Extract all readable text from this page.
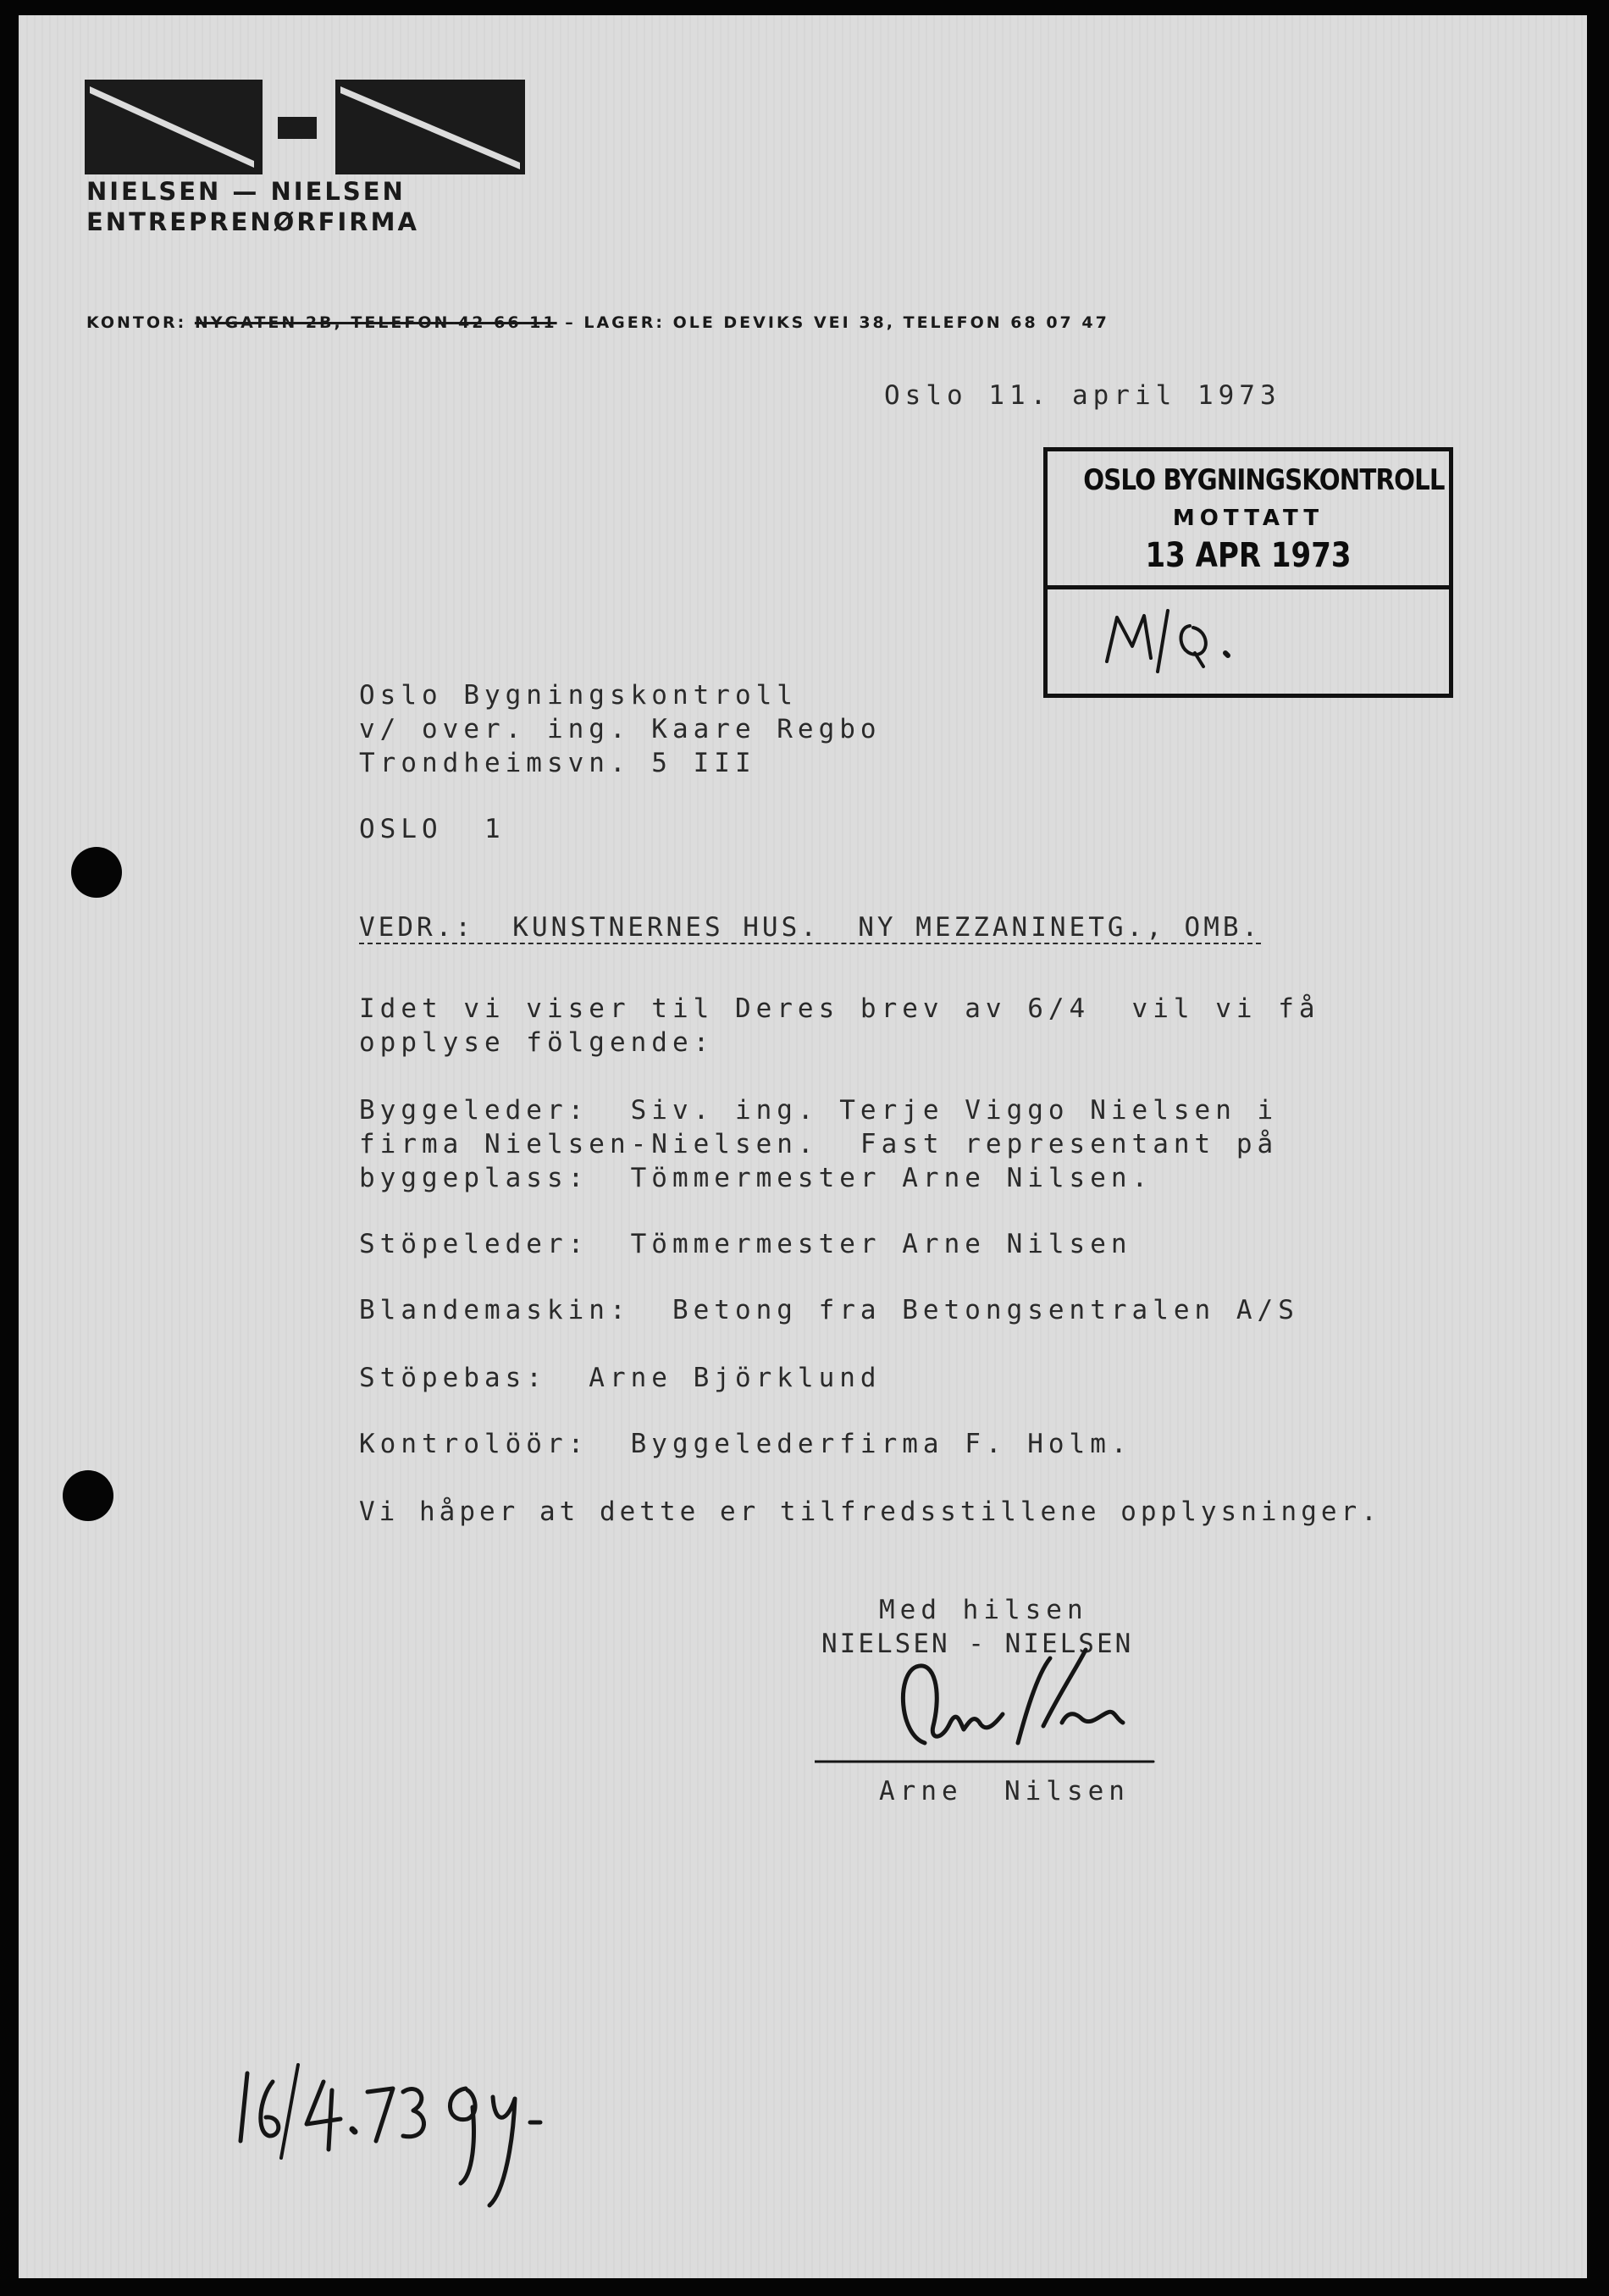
NIELSEN — NIELSEN
ENTREPRENØRFIRMA
KONTOR: NYGATEN 2B, TELEFON 42 66 11 – LAGER: OLE DEVIKS VEI 38, TELEFON 68 07 47
Oslo 11. april 1973
OSLO BYGNINGSKONTROLL
MOTTATT
13 APR 1973
Oslo Bygningskontroll
v/ over. ing. Kaare Regbo
Trondheimsvn. 5 III
OSLO  1
VEDR.:  KUNSTNERNES HUS.  NY MEZZANINETG., OMB.
Idet vi viser til Deres brev av 6/4  vil vi få
opplyse fölgende:
Byggeleder:  Siv. ing. Terje Viggo Nielsen i
firma Nielsen-Nielsen.  Fast representant på
byggeplass:  Tömmermester Arne Nilsen.
Stöpeleder:  Tömmermester Arne Nilsen
Blandemaskin:  Betong fra Betongsentralen A/S
Stöpebas:  Arne Björklund
Kontrolöör:  Byggelederfirma F. Holm.
Vi håper at dette er tilfredsstillene opplysninger.
Med hilsen
NIELSEN - NIELSEN
Arne  Nilsen
